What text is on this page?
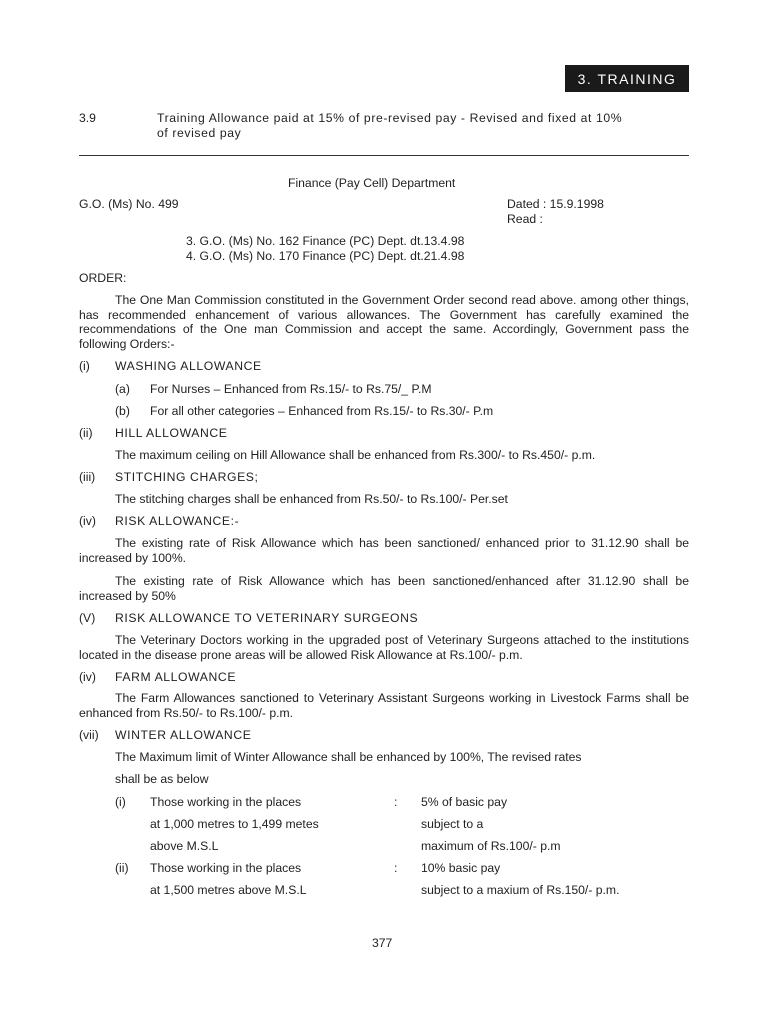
3. TRAINING
3.9	Training Allowance paid at 15% of pre-revised pay - Revised and fixed at 10%
of revised pay
Finance (Pay Cell) Department
G.O. (Ms) No. 499	Dated : 15.9.1998
Read :
3. G.O. (Ms) No. 162 Finance (PC) Dept. dt.13.4.98
4. G.O. (Ms) No. 170 Finance (PC) Dept. dt.21.4.98
ORDER:
The One Man Commission constituted in the Government Order second read above. among other things, has recommended enhancement of various allowances. The Government has carefully examined the recommendations of the One man Commission and accept the same. Accordingly, Government pass the following Orders:-
(i) WASHING ALLOWANCE
(a) For Nurses – Enhanced from Rs.15/- to Rs.75/_ P.M
(b) For all other categories – Enhanced from Rs.15/- to Rs.30/- P.m
(ii) HILL ALLOWANCE
The maximum ceiling on Hill Allowance shall be enhanced from Rs.300/- to Rs.450/- p.m.
(iii) STITCHING CHARGES;
The stitching charges shall be enhanced from Rs.50/- to Rs.100/- Per.set
(iv) RISK ALLOWANCE:-
The existing rate of Risk Allowance which has been sanctioned/ enhanced prior to 31.12.90 shall be increased by 100%.
The existing rate of Risk Allowance which has been sanctioned/enhanced after 31.12.90 shall be increased by 50%
(V) RISK ALLOWANCE TO VETERINARY SURGEONS
The Veterinary Doctors working in the upgraded post of Veterinary Surgeons attached to the institutions located in the disease prone areas will be allowed Risk Allowance at Rs.100/- p.m.
(iv) FARM ALLOWANCE
The Farm Allowances sanctioned to Veterinary Assistant Surgeons working in Livestock Farms shall be enhanced from Rs.50/- to Rs.100/- p.m.
(vii) WINTER ALLOWANCE
The Maximum limit of Winter Allowance shall be enhanced by 100%, The revised rates
shall be as below
(i) Those working in the places
at 1,000 metres to 1,499 metes
above M.S.L
: 5% of basic pay
subject to a
maximum of Rs.100/- p.m
(ii) Those working in the places
at 1,500 metres above M.S.L
: 10% basic pay
subject to a maxium of Rs.150/- p.m.
377
